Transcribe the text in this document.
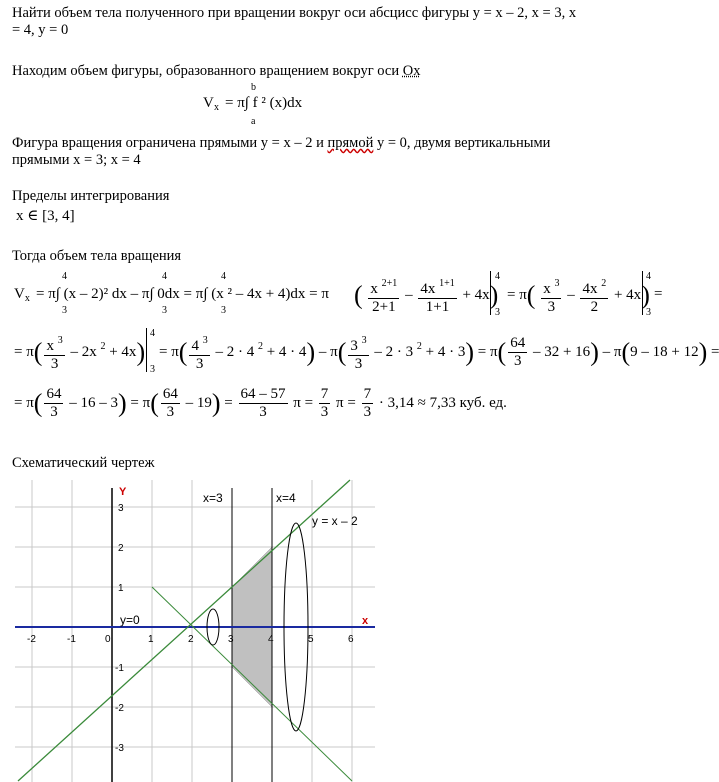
Найти объем тела полученного при вращении вокруг оси абсцисс фигуры y = x – 2, x = 3, x
= 4, y = 0
Находим объем фигуры, образованного вращением вокруг оси Ox
V x = π∫ f ² (x)dx
b
a
Фигура вращения ограничена прямыми y = x – 2 и прямой y = 0, двумя вертикальными
прямыми x = 3; x = 4
Пределы интегрирования
x ∈ [3, 4]
Тогда объем тела вращения
$V_x = \pi\int$ (x – 2)² dx – π∫ 0dx = π∫ (x ² – 4x + 4)dx = π
4
3
4
3
4
3
( $\frac{x ^{2+1}}{2+1} - \frac{4x ^{1+1}}{1+1} + 4x$)
4
3
= $\pi( \frac{x ^3}{3} - \frac{4x ^2}{2} + 4x)$
4
3
=
= $\pi( \frac{x ^3}{3} - 2x$ $^2$ + 4x)
4
3
= $\pi( \frac{4 ^3}{3} - 2 \cdot 4$ $^2 + 4 \cdot 4) - \pi( \frac{3 ^3}{3} - 2 \cdot 3$ $^2 + 4 \cdot 3) = \pi( \frac{64}{3} - 32 + 16) - \pi(9 - 18 + 12)$ =
= $\pi( \frac{64}{3} - 16 - 3) = \pi( \frac{64}{3} - 19) = \frac{64 - 57}{3}$ $\pi = \frac{7}{3}$ $\pi = \frac{7}{3} \cdot 3,14 \approx 7,33$ куб. ед.
Схематический чертеж
Y	x=3	x=4
x
y=0
y = x – 2
-2	-1	0	1	2	3	4	5	6
3
2
1
-1
-2
-3
